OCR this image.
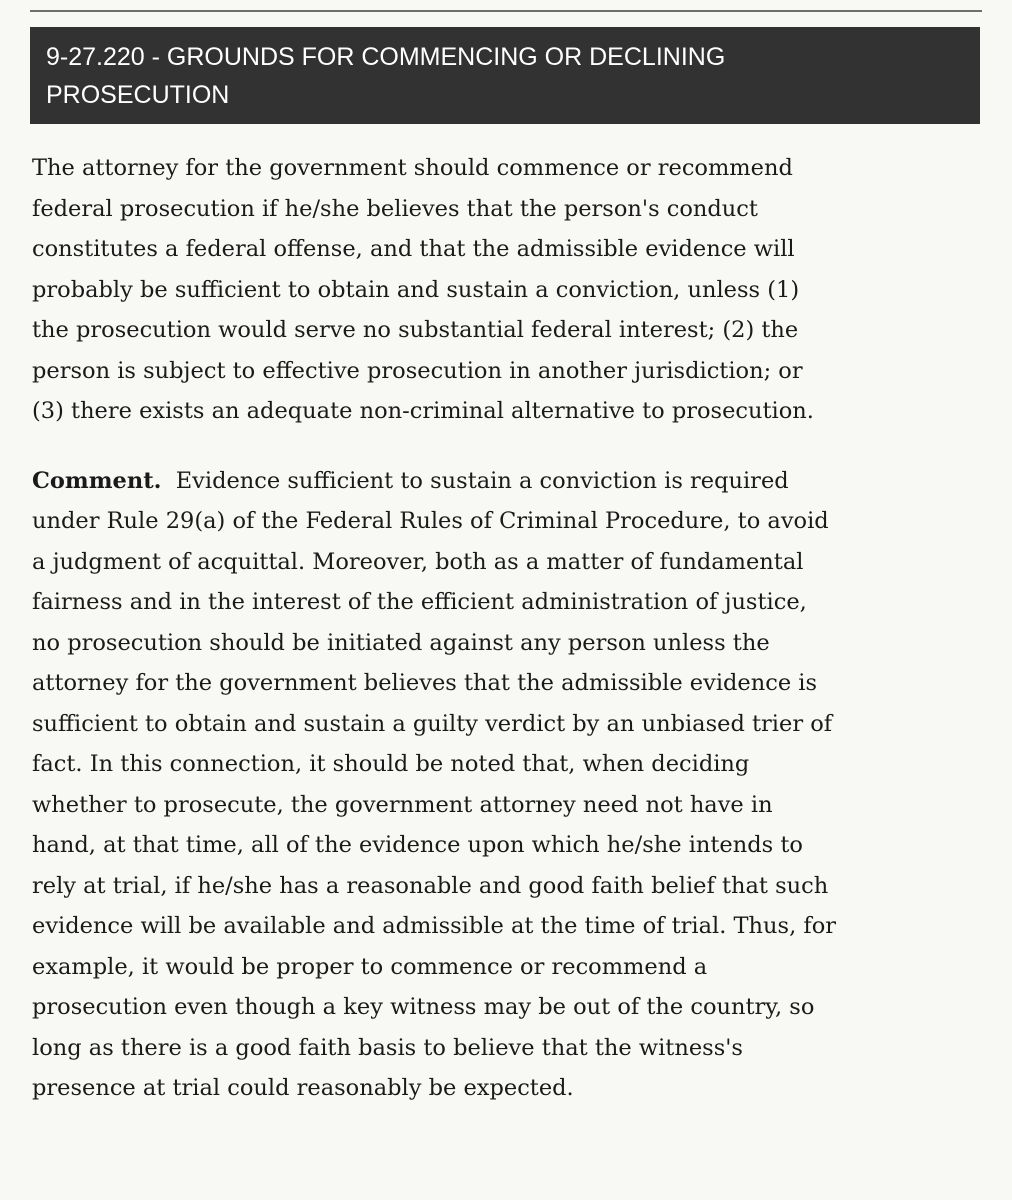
9-27.220 - GROUNDS FOR COMMENCING OR DECLINING
PROSECUTION

The attorney for the government should commence or recommend
federal prosecution if he/she believes that the person's conduct
constitutes a federal offense, and that the admissible evidence will
probably be sufficient to obtain and sustain a conviction, unless (1)
the prosecution would serve no substantial federal interest; (2) the
person is subject to effective prosecution in another jurisdiction; or
(3) there exists an adequate non-criminal alternative to prosecution.

Comment.  Evidence sufficient to sustain a conviction is required
under Rule 29(a) of the Federal Rules of Criminal Procedure, to avoid
a judgment of acquittal. Moreover, both as a matter of fundamental
fairness and in the interest of the efficient administration of justice,
no prosecution should be initiated against any person unless the
attorney for the government believes that the admissible evidence is
sufficient to obtain and sustain a guilty verdict by an unbiased trier of
fact. In this connection, it should be noted that, when deciding
whether to prosecute, the government attorney need not have in
hand, at that time, all of the evidence upon which he/she intends to
rely at trial, if he/she has a reasonable and good faith belief that such
evidence will be available and admissible at the time of trial. Thus, for
example, it would be proper to commence or recommend a
prosecution even though a key witness may be out of the country, so
long as there is a good faith basis to believe that the witness's
presence at trial could reasonably be expected.
